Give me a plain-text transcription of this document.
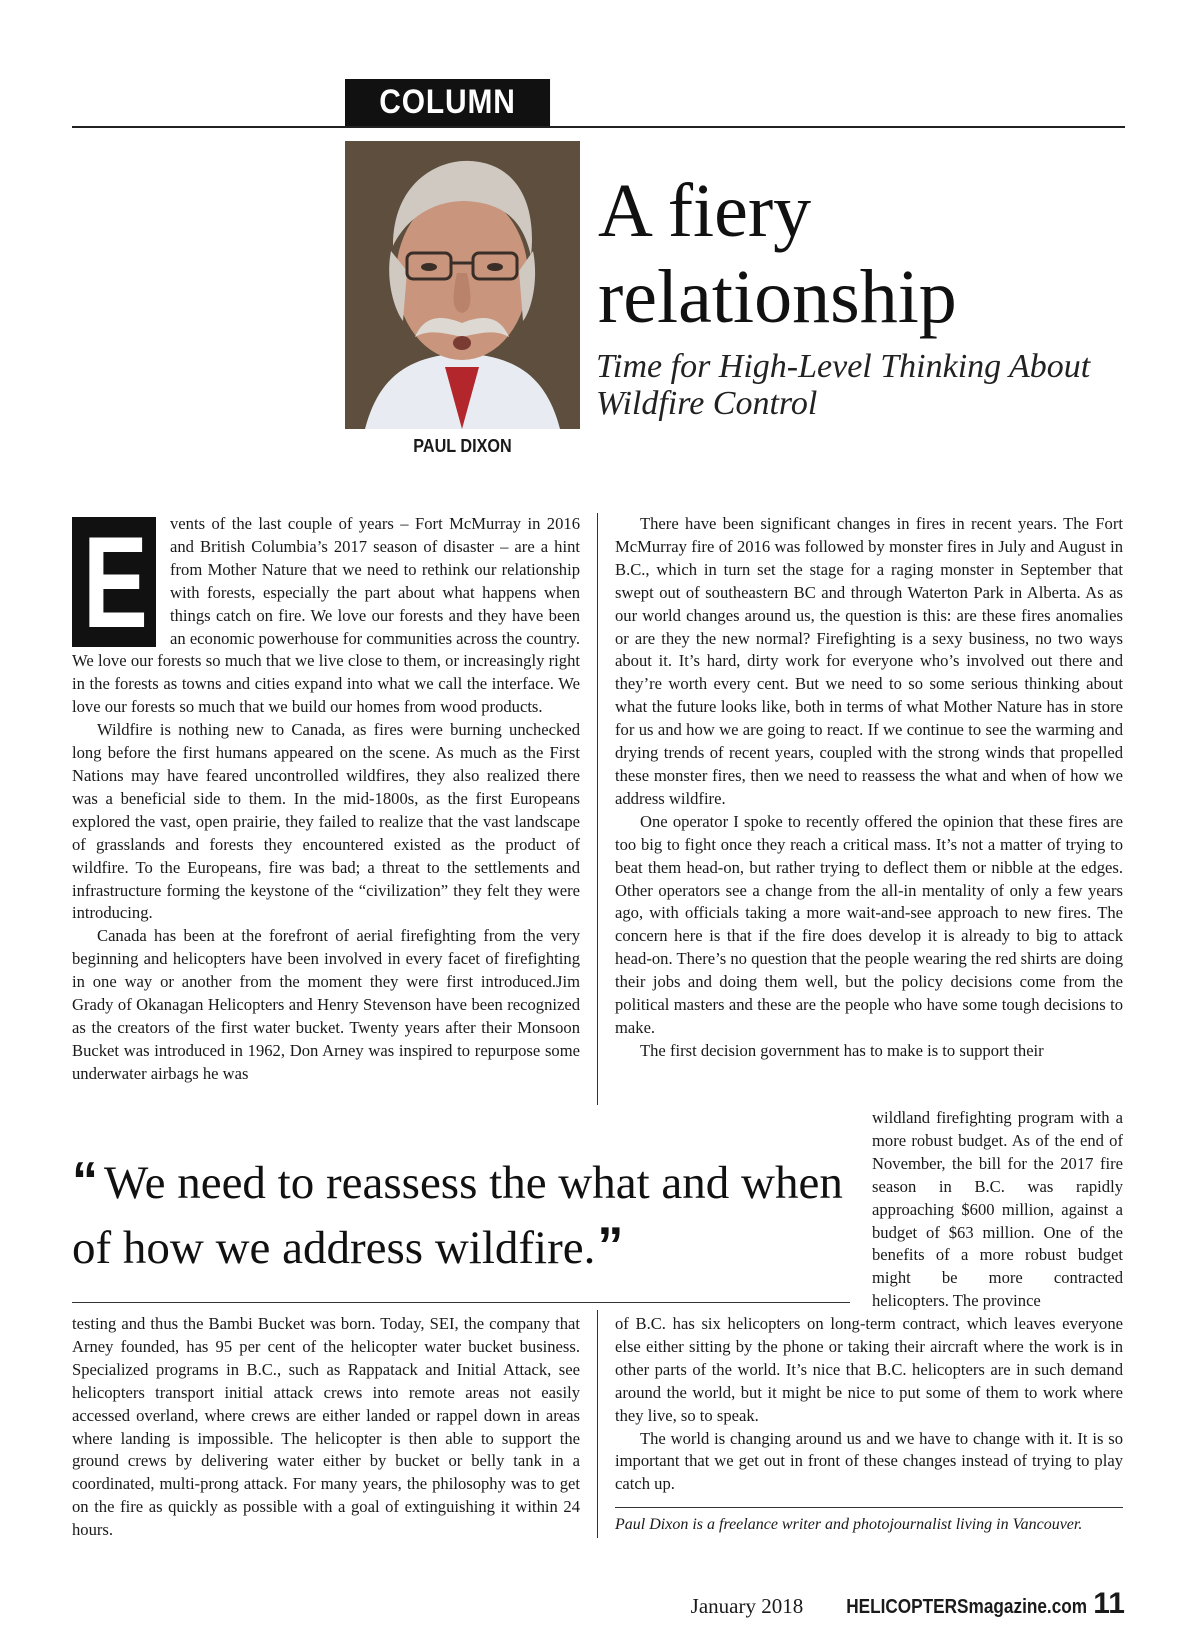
COLUMN
PAUL DIXON
A fiery relationship
Time for High-Level Thinking About Wildfire Control
E	vents of the last couple of years – Fort McMurray in 2016 and British Columbia’s 2017 season of disaster – are a hint from Mother Nature that we need to rethink our relationship with forests, especially the part about what happens when things catch on fire. We love our forests and they have been an economic powerhouse for communities across the country. We love our forests so much that we live close to them, or increasingly right in the forests as towns and cities expand into what we call the interface. We love our forests so much that we build our homes from wood products.

Wildfire is nothing new to Canada, as fires were burning unchecked long before the first humans appeared on the scene. As much as the First Nations may have feared uncontrolled wildfires, they also realized there was a beneficial side to them. In the mid-1800s, as the first Europeans explored the vast, open prairie, they failed to realize that the vast landscape of grasslands and forests they encountered existed as the product of wildfire. To the Europeans, fire was bad; a threat to the settlements and infrastructure forming the keystone of the “civilization” they felt they were introducing.

Canada has been at the forefront of aerial firefighting from the very beginning and helicopters have been involved in every facet of firefighting in one way or another from the moment they were first introduced.Jim Grady of Okanagan Helicopters and Henry Stevenson have been recognized as the creators of the first water bucket. Twenty years after their Monsoon Bucket was introduced in 1962, Don Arney was inspired to repurpose some underwater airbags he was

There have been significant changes in fires in recent years. The Fort McMurray fire of 2016 was followed by monster fires in July and August in B.C., which in turn set the stage for a raging monster in September that swept out of southeastern BC and through Waterton Park in Alberta. As as our world changes around us, the question is this: are these fires anomalies or are they the new normal? Firefighting is a sexy business, no two ways about it. It’s hard, dirty work for everyone who’s involved out there and they’re worth every cent. But we need to so some serious thinking about what the future looks like, both in terms of what Mother Nature has in store for us and how we are going to react. If we continue to see the warming and drying trends of recent years, coupled with the strong winds that propelled these monster fires, then we need to reassess the what and when of how we address wildfire.

One operator I spoke to recently offered the opinion that these fires are too big to fight once they reach a critical mass. It’s not a matter of trying to beat them head-on, but rather trying to deflect them or nibble at the edges. Other operators see a change from the all-in mentality of only a few years ago, with officials taking a more wait-and-see approach to new fires. The concern here is that if the fire does develop it is already to big to attack head-on. There’s no question that the people wearing the red shirts are doing their jobs and doing them well, but the policy decisions come from the political masters and these are the people who have some tough decisions to make.

The first decision government has to make is to support their

wildland firefighting program with a more robust budget. As of the end of November, the bill for the 2017 fire season in B.C. was rapidly approaching $600 million, against a budget of $63 million. One of the benefits of a more robust budget might be more contracted helicopters. The province

“ We need to reassess the what and when of how we address wildfire.”

testing and thus the Bambi Bucket was born. Today, SEI, the company that Arney founded, has 95 per cent of the helicopter water bucket business. Specialized programs in B.C., such as Rappatack and Initial Attack, see helicopters transport initial attack crews into remote areas not easily accessed overland, where crews are either landed or rappel down in areas where landing is impossible. The helicopter is then able to support the ground crews by delivering water either by bucket or belly tank in a coordinated, multi-prong attack. For many years, the philosophy was to get on the fire as quickly as possible with a goal of extinguishing it within 24 hours.

of B.C. has six helicopters on long-term contract, which leaves everyone else either sitting by the phone or taking their aircraft where the work is in other parts of the world. It’s nice that B.C. helicopters are in such demand around the world, but it might be nice to put some of them to work where they live, so to speak.

The world is changing around us and we have to change with it. It is so important that we get out in front of these changes instead of trying to play catch up.

Paul Dixon is a freelance writer and photojournalist living in Vancouver.
January 2018 HELICOPTERSmagazine.com 11
